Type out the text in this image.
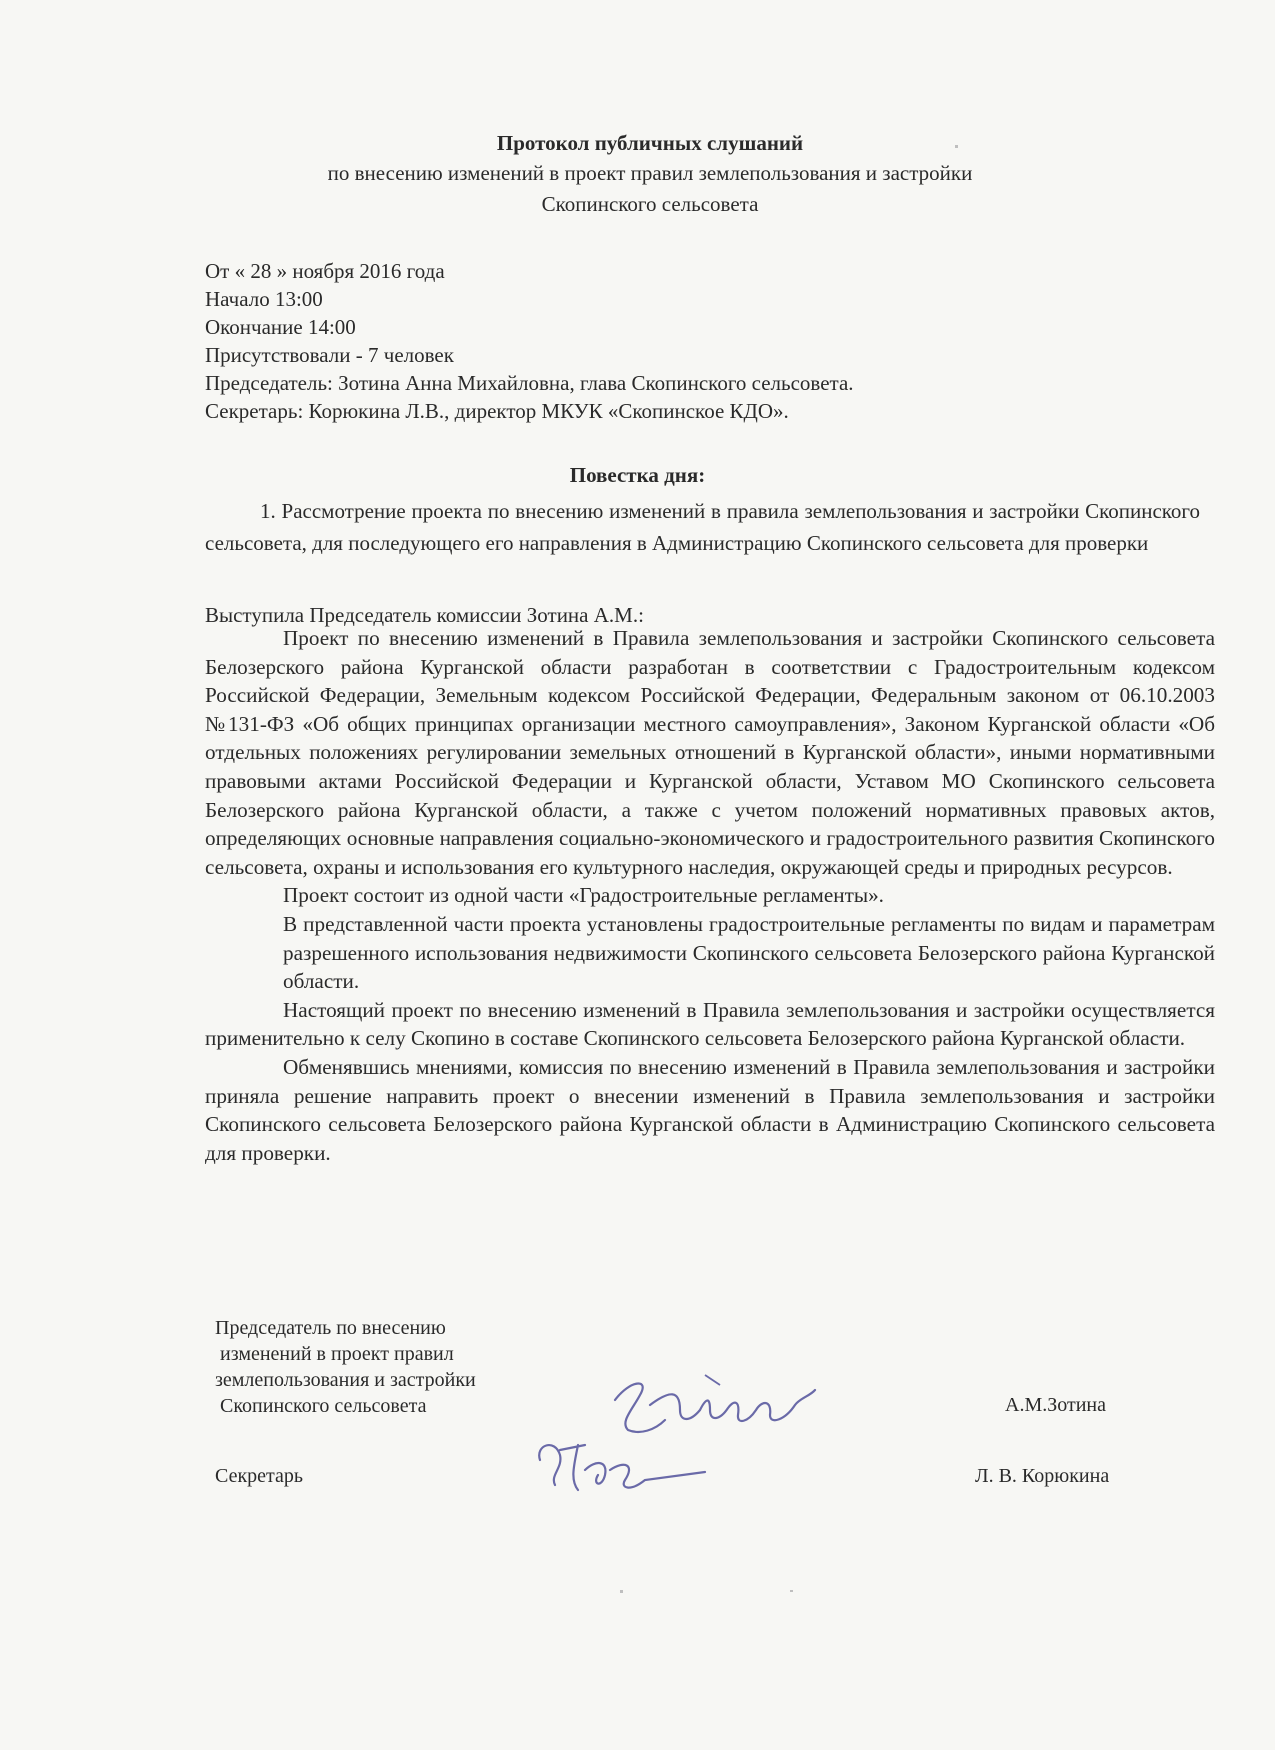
Протокол публичных слушаний
по внесению изменений в проект правил землепользования и застройки
Скопинского сельсовета
От « 28 » ноября 2016 года
Начало 13:00
Окончание 14:00
Присутствовали - 7 человек
Председатель: Зотина Анна Михайловна, глава Скопинского сельсовета.
Секретарь: Корюкина Л.В., директор МКУК «Скопинское КДО».
Повестка дня:
1. Рассмотрение проекта по внесению изменений в правила землепользования и застройки Скопинского сельсовета, для последующего его направления в Администрацию Скопинского сельсовета для проверки
Выступила Председатель комиссии Зотина А.М.:

Проект по внесению изменений в Правила землепользования и застройки Скопинского сельсовета Белозерского района Курганской области разработан в соответствии с Градостроительным кодексом Российской Федерации, Земельным кодексом Российской Федерации, Федеральным законом от 06.10.2003 №131-ФЗ «Об общих принципах организации местного самоуправления», Законом Курганской области «Об отдельных положениях регулировании земельных отношений в Курганской области», иными нормативными правовыми актами Российской Федерации и Курганской области, Уставом МО Скопинского сельсовета Белозерского района Курганской области, а также с учетом положений нормативных правовых актов, определяющих основные направления социально-экономического и градостроительного развития Скопинского сельсовета, охраны и использования его культурного наследия, окружающей среды и природных ресурсов.

Проект состоит из одной части «Градостроительные регламенты».

В представленной части проекта установлены градостроительные регламенты по видам и параметрам разрешенного использования недвижимости Скопинского сельсовета Белозерского района Курганской области.

Настоящий проект по внесению изменений в Правила землепользования и застройки осуществляется применительно к селу Скопино в составе Скопинского сельсовета Белозерского района Курганской области.

Обменявшись мнениями, комиссия по внесению изменений в Правила землепользования и застройки приняла решение направить проект о внесении изменений в Правила землепользования и застройки Скопинского сельсовета Белозерского района Курганской области в Администрацию Скопинского сельсовета для проверки.

Председатель по внесению
изменений в проект правил
землепользования и застройки
Скопинского сельсовета	А.М.Зотина
Секретарь	Л. В. Корюкина
